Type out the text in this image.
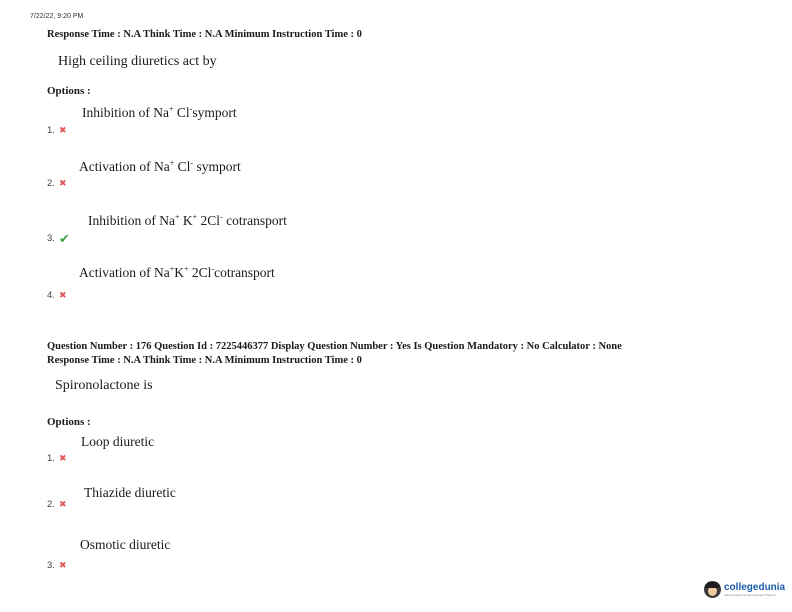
7/22/22, 9:20 PM
Response Time : N.A Think Time : N.A Minimum Instruction Time : 0
High ceiling diuretics act by
Options :
Inhibition of Na+ Cl-symport
1. ✖
Activation of Na+ Cl- symport
2. ✖
Inhibition of Na+ K+ 2Cl- cotransport
3. ✔
Activation of Na+K+ 2Cl-cotransport
4. ✖
Question Number : 176 Question Id : 7225446377 Display Question Number : Yes Is Question Mandatory : No Calculator : None
Response Time : N.A Think Time : N.A Minimum Instruction Time : 0
Spironolactone is
Options :
Loop diuretic
1. ✖
Thiazide diuretic
2. ✖
Osmotic diuretic
3. ✖
collegedunia
India's largest Student Review Platform
